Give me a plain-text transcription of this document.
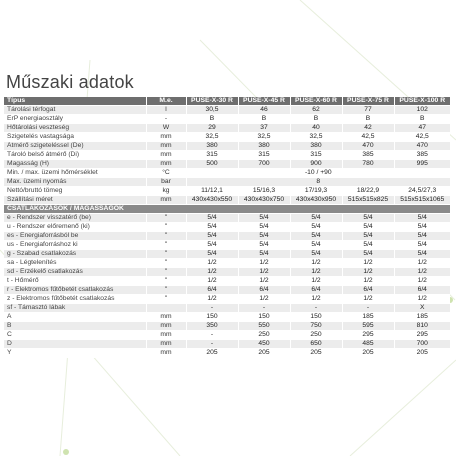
Műszaki adatok
Típus	M.e.	PUSE-X-30 R	PUSE-X-45 R	PUSE-X-60 R	PUSE-X-75 R	PUSE-X-100 R
Tárolási térfogat	l	30,5	46	62	77	102
ErP energiaosztály	-	B	B	B	B	B
Hőtárolási veszteség	W	29	37	40	42	47
Szigetelés vastagsága	mm	32,5	32,5	32,5	42,5	42,5
Átmérő szigeteléssel (De)	mm	380	380	380	470	470
Tároló belső átmérő (Di)	mm	315	315	315	385	385
Magasság (H)	mm	500	700	900	780	995
Min. / max. üzemi hőmérséklet	°C	-10 / +90				
Max. üzemi nyomás	bar	8				
Nettó/bruttó tömeg	kg	11/12,1	15/16,3	17/19,3	18/22,9	24,5/27,3
Szállítási méret	mm	430x430x550	430x430x750	430x430x950	515x515x825	515x515x1065
CSATLAKOZÁSOK / MAGASSÁGOK						
e - Rendszer visszatérő (be)	"	5/4	5/4	5/4	5/4	5/4
u - Rendszer előremenő (ki)	"	5/4	5/4	5/4	5/4	5/4
es - Energiaforrásból be	"	5/4	5/4	5/4	5/4	5/4
us - Energiaforráshoz ki	"	5/4	5/4	5/4	5/4	5/4
g - Szabad csatlakozás	"	5/4	5/4	5/4	5/4	5/4
sa - Légtelenítés	"	1/2	1/2	1/2	1/2	1/2
sd - Érzékelő csatlakozás	"	1/2	1/2	1/2	1/2	1/2
t - Hőmérő	"	1/2	1/2	1/2	1/2	1/2
r - Elektromos fűtőbetét csatlakozás	"	6/4	6/4	6/4	6/4	6/4
z - Elektromos fűtőbetét csatlakozás	"	1/2	1/2	1/2	1/2	1/2
sf - Támasztó lábak		-	-	-	-	X
A	mm	150	150	150	185	185
B	mm	350	550	750	595	810
C	mm	-	250	250	295	295
D	mm	-	450	650	485	700
Y	mm	205	205	205	205	205
